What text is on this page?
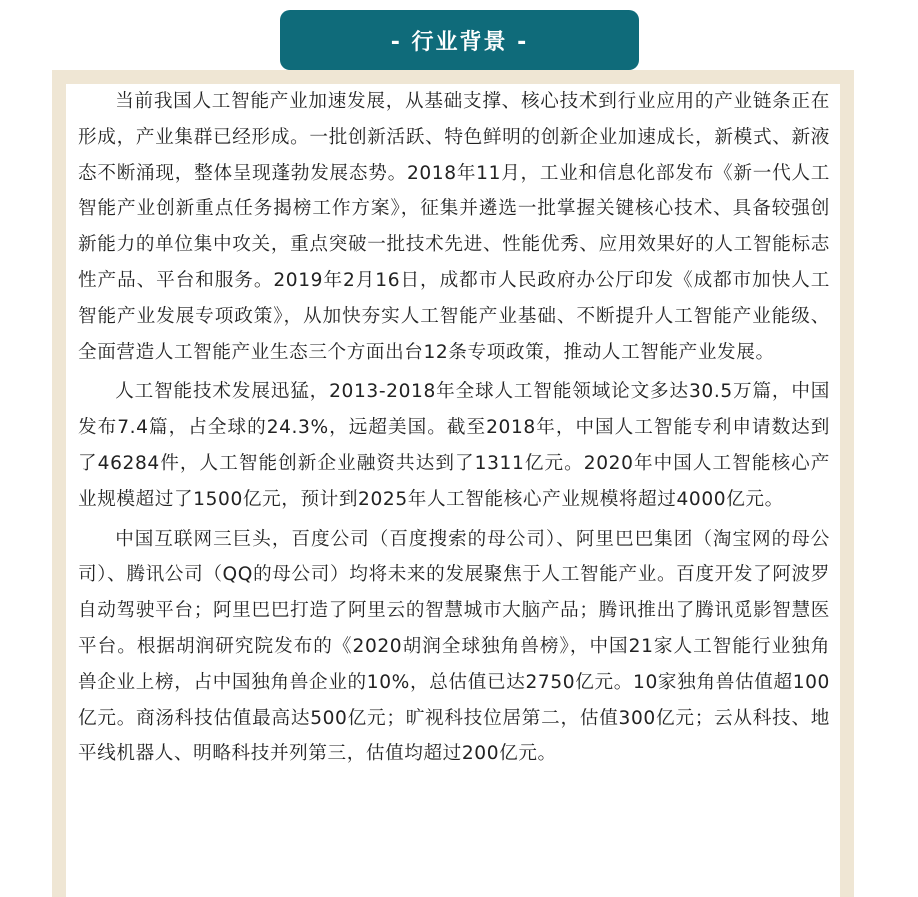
- 行业背景 -

当前我国人工智能产业加速发展，从基础支撑、核心技术到行业应用的产业链条正在形成，产业集群已经形成。一批创新活跃、特色鲜明的创新企业加速成长，新模式、新液态不断涌现，整体呈现蓬勃发展态势。2018年11月，工业和信息化部发布《新一代人工智能产业创新重点任务揭榜工作方案》，征集并遴选一批掌握关键核心技术、具备较强创新能力的单位集中攻关，重点突破一批技术先进、性能优秀、应用效果好的人工智能标志性产品、平台和服务。2019年2月16日，成都市人民政府办公厅印发《成都市加快人工智能产业发展专项政策》，从加快夯实人工智能产业基础、不断提升人工智能产业能级、全面营造人工智能产业生态三个方面出台12条专项政策，推动人工智能产业发展。

人工智能技术发展迅猛，2013-2018年全球人工智能领域论文多达30.5万篇，中国发布7.4篇，占全球的24.3%，远超美国。截至2018年，中国人工智能专利申请数达到了46284件，人工智能创新企业融资共达到了1311亿元。2020年中国人工智能核心产业规模超过了1500亿元，预计到2025年人工智能核心产业规模将超过4000亿元。

中国互联网三巨头，百度公司（百度搜索的母公司）、阿里巴巴集团（淘宝网的母公司）、腾讯公司（QQ的母公司）均将未来的发展聚焦于人工智能产业。百度开发了阿波罗自动驾驶平台；阿里巴巴打造了阿里云的智慧城市大脑产品；腾讯推出了腾讯觅影智慧医平台。根据胡润研究院发布的《2020胡润全球独角兽榜》，中国21家人工智能行业独角兽企业上榜，占中国独角兽企业的10%，总估值已达2750亿元。10家独角兽估值超100亿元。商汤科技估值最高达500亿元；旷视科技位居第二，估值300亿元；云从科技、地平线机器人、明略科技并列第三，估值均超过200亿元。
